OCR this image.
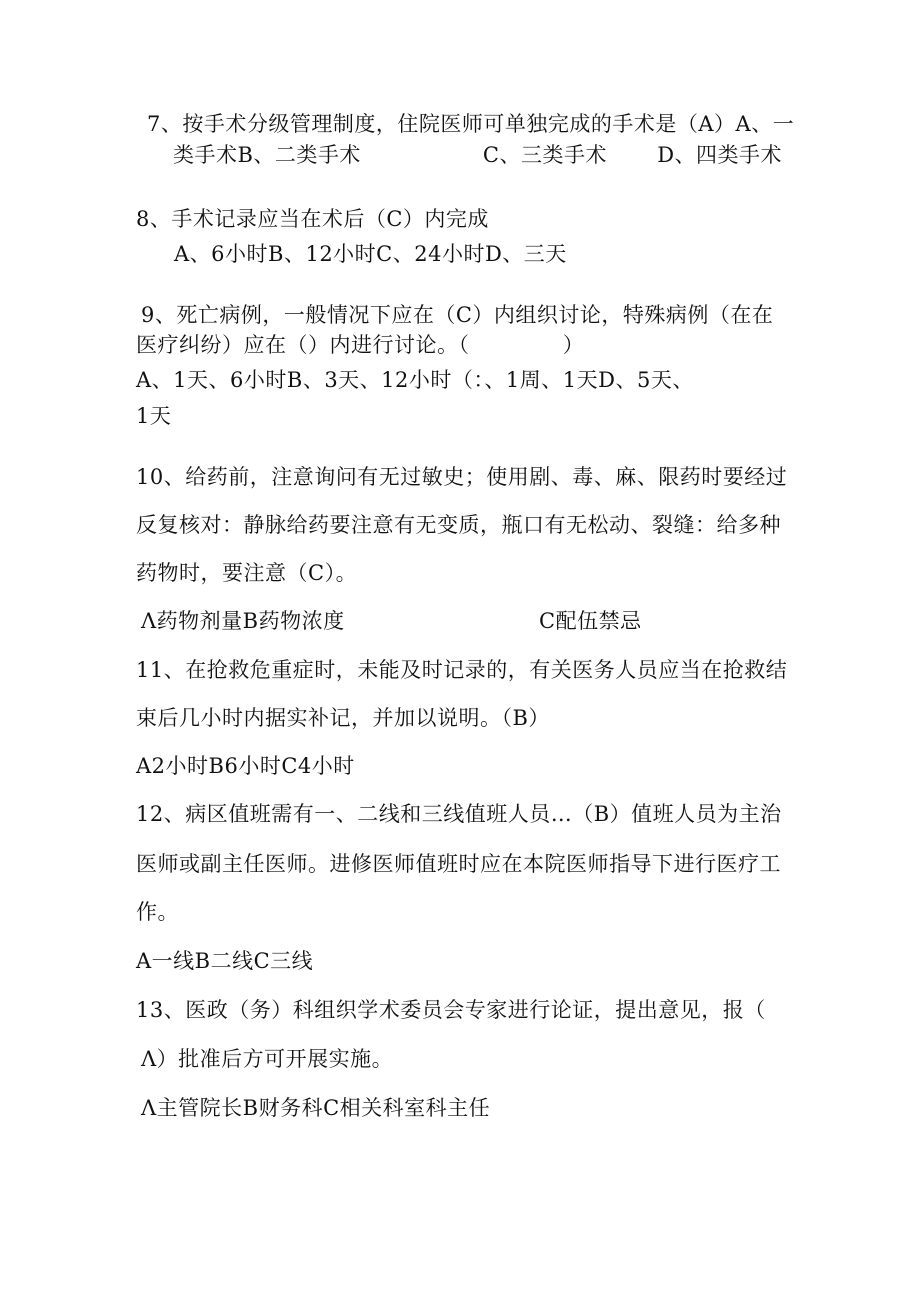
7、按手术分级管理制度，住院医师可单独完成的手术是（A）A、一
类手术B、二类手术                 C、三类手术       D、四类手术
8、手术记录应当在术后（C）内完成
A、6小时B、12小时C、24小时D、三天
9、死亡病例，一般情况下应在（C）内组织讨论，特殊病例（在在
医疗纠纷）应在（）内进行讨论。（             ）
A、1天、6小时B、3天、12小时（：、1周、1天D、5天、
1天
10、给药前，注意询问有无过敏史；使用剧、毒、麻、限药时要经过
反复核对：静脉给药要注意有无变质，瓶口有无松动、裂缝：给多种
药物时，要注意（C）。
Λ药物剂量B药物浓度	C配伍禁忌
11、在抢救危重症时，未能及时记录的，有关医务人员应当在抢救结
束后几小时内据实补记，并加以说明。（B）
A2小时B6小时C4小时
12、病区值班需有一、二线和三线值班人员…（B）值班人员为主治
医师或副主任医师。进修医师值班时应在本院医师指导下进行医疗工
作。
A一线B二线C三线
13、医政（务）科组织学术委员会专家进行论证，提出意见，报（
Λ）批准后方可开展实施。
Λ主管院长B财务科C相关科室科主任
